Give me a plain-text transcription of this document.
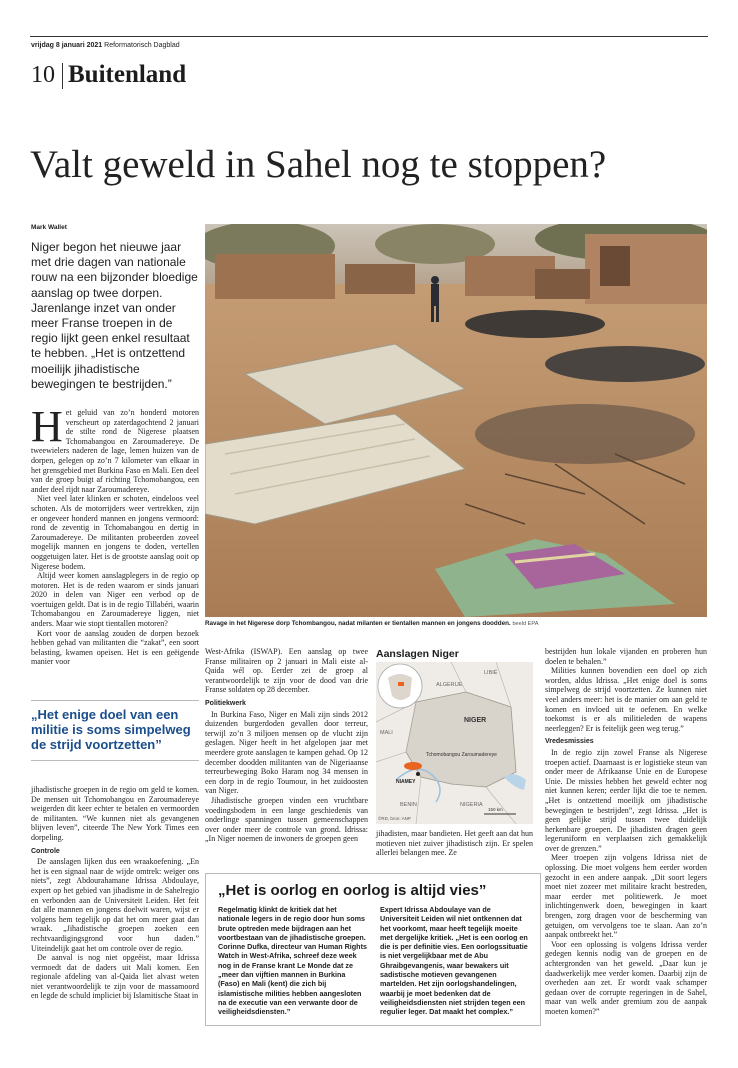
vrijdag 8 januari 2021 Reformatorisch Dagblad
10 Buitenland
Valt geweld in Sahel nog te stoppen?
Mark Wallet
Niger begon het nieuwe jaar met drie dagen van nationale rouw na een bijzonder bloedige aanslag op twee dorpen. Jarenlange inzet van onder meer Franse troepen in de regio lijkt geen enkel resultaat te hebben. „Het is ontzettend moeilijk jihadistische bewegingen te bestrijden.”
H et geluid van zo’n honderd motoren verscheurt op zaterdagochtend 2 januari de stilte rond de Nigerese plaatsen Tchomabangou en Zaroumadereye. De tweewielers naderen de lage, lemen huizen van de dorpen, gelegen op zo’n 7 kilometer van elkaar in het grensgebied met Burkina Faso en Mali. Een deel van de groep buigt af richting Tchomobangou, een ander deel rijdt naar Zaroumadereye.

Niet veel later klinken er schoten, eindeloos veel schoten. Als de motorrijders weer vertrekken, zijn er ongeveer honderd mannen en jongens vermoord: rond de zeventig in Tchomabangou en dertig in Zaroumadereye. De militanten probeerden zoveel mogelijk mannen en jongens te doden, vertellen ooggetuigen later. Het is de grootste aanslag ooit op Nigerese bodem.

Altijd weer komen aanslagplegers in de regio op motoren. Het is de reden waarom er sinds januari 2020 in delen van Niger een verbod op de voertuigen geldt. Dat is in de regio Tillabéri, waarin Tchomabangou en Zaroumadereye liggen, niet anders. Maar wie stopt tientallen motoren?

Kort voor de aanslag zouden de dorpen bezoek hebben gehad van militanten die “zakat”, een soort belasting, kwamen opeisen. Het is een geëigende manier voor

„Het enige doel van een militie is soms simpelweg de strijd voortzetten”

jihadistische groepen in de regio om geld te komen. De mensen uit Tchomobangou en Zaroumadereye weigerden dit keer echter te betalen en vermoorden de militanten. “We kunnen niet als gevangenen blijven leven”, citeerde The New York Times een dorpeling.

Controle

De aanslagen lijken dus een wraakoefening. „En het is een signaal naar de wijde omtrek: weiger ons niets”, zegt Abdourahamane Idrissa Abdoulaye, expert op het gebied van jihadisme in de Sahelregio en verbonden aan de Universiteit Leiden. Het feit dat alle mannen en jongens doelwit waren, wijst er volgens hem tegelijk op dat het om meer gaat dan wraak. „Jihadistische groepen zoeken een rechtvaardigingsgrond voor hun daden.” Uiteindelijk gaat het om controle over de regio.

De aanval is nog niet opgeëist, maar Idrissa vermoedt dat de daders uit Mali komen. Een regionale afdeling van al-Qaida liet alvast weten niet verantwoordelijk te zijn voor de massamoord en legde de schuld impliciet bij Islamitische Staat in

Ravage in het Nigerese dorp Tchombangou, nadat milanten er tientallen mannen en jongens doodden. beeld EPA

West-Afrika (ISWAP). Een aanslag op twee Franse militairen op 2 januari in Mali eiste al-Qaida wél op. Eerder zei de groep al verantwoordelijk te zijn voor de dood van drie Franse soldaten op 28 december.

Politiekwerk

In Burkina Faso, Niger en Mali zijn sinds 2012 duizenden burgerdoden gevallen door terreur, terwijl zo’n 3 miljoen mensen op de vlucht zijn geslagen. Niger heeft in het afgelopen jaar met meerdere grote aanslagen te kampen gehad. Op 12 december doodden militanten van de Nigeriaanse terreurbeweging Boko Haram nog 34 mensen in een dorp in de regio Toumour, in het zuidoosten van Niger.

Jihadistische groepen vinden een vruchtbare voedingsbodem in een lange geschiedenis van onderlinge spanningen tussen gemeenschappen over onder meer de controle van grond. Idrissa: „In Niger noemen de inwoners de groepen geen

Aanslagen Niger
LIBIË
ALGERIJE
MALI
NIGER
NIAMEY
Tchomobangou Zaroumadereye
BENIN	NIGERIA
©RD, bron: ANP
150 km

jihadisten, maar bandieten. Het geeft aan dat hun motieven niet zuiver jihadistisch zijn. Er spelen allerlei belangen mee. Ze

„Het is oorlog en oorlog is altijd vies”
Regelmatig klinkt de kritiek dat het nationale legers in de regio door hun soms brute optreden mede bijdragen aan het voortbestaan van de jihadistische groepen. Corinne Dufka, directeur van Human Rights Watch in West-Afrika, schreef deze week nog in de Franse krant Le Monde dat ze „meer dan vijftien mannen in Burkina (Faso) en Mali (kent) die zich bij islamistische milities hebben aangesloten na de executie van een verwante door de veiligheidsdiensten.”
Expert Idrissa Abdoulaye van de Universiteit Leiden wil niet ontkennen dat het voorkomt, maar heeft tegelijk moeite met dergelijke kritiek. „Het is een oorlog en die is per definitie vies. Een oorlogssituatie is niet vergelijkbaar met de Abu Ghraibgevangenis, waar bewakers uit sadistische motieven gevangenen martelden. Het zijn oorlogshandelingen, waarbij je moet bedenken dat de veiligheidsdiensten niet strijden tegen een regulier leger. Dat maakt het complex.”

bestrijden hun lokale vijanden en proberen hun doelen te behalen.”

Milities kunnen bovendien een doel op zich worden, aldus Idrissa. „Het enige doel is soms simpelweg de strijd voortzetten. Ze kunnen niet veel anders meer: het is de manier om aan geld te komen en invloed uit te oefenen. En welke toekomst is er als militieleden de wapens neerleggen? Er is feitelijk geen weg terug.”

Vredesmissies

In de regio zijn zowel Franse als Nigerese troepen actief. Daarnaast is er logistieke steun van onder meer de Afrikaanse Unie en de Europese Unie. De missies hebben het geweld echter nog niet kunnen keren; eerder lijkt die toe te nemen. „Het is ontzettend moeilijk om jihadistische bewegingen te bestrijden”, zegt Idrissa. „Het is geen gelijke strijd tussen twee duidelijk herkenbare groepen. De jihadisten dragen geen legeruniform en verplaatsen zich gemakkelijk over de grenzen.”

Meer troepen zijn volgens Idrissa niet de oplossing. Die moet volgens hem eerder worden gezocht in een andere aanpak. „Dit soort legers moet niet zozeer met militaire kracht bestreden, maar eerder met politiewerk. Je moet inlichtingenwerk doen, bewegingen in kaart brengen, zorg dragen voor de bescherming van getuigen, om vervolgens toe te slaan. Aan zo’n aanpak ontbreekt het.”

Voor een oplossing is volgens Idrissa verder gedegen kennis nodig van de groepen en de achtergronden van het geweld. „Daar kun je daadwerkelijk mee verder komen. Daarbij zijn de overheden aan zet. Er wordt vaak schamper gedaan over de corrupte regeringen in de Sahel, maar van welk ander gremium zou de aanpak moeten komen?”
